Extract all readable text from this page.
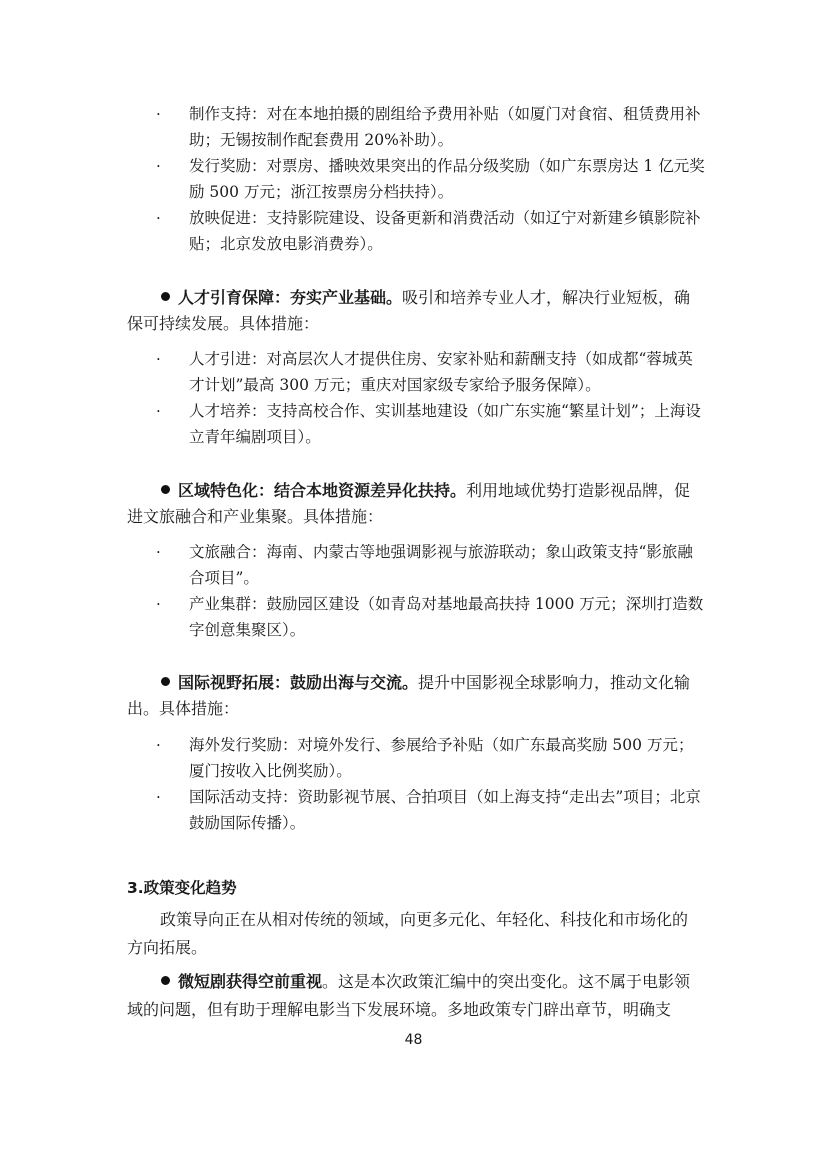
·	制作支持：对在本地拍摄的剧组给予费用补贴（如厦门对食宿、租赁费用补助；无锡按制作配套费用 20%补助）。
·	发行奖励：对票房、播映效果突出的作品分级奖励（如广东票房达 1 亿元奖励 500 万元；浙江按票房分档扶持）。
·	放映促进：支持影院建设、设备更新和消费活动（如辽宁对新建乡镇影院补贴；北京发放电影消费券）。
人才引育保障：夯实产业基础。吸引和培养专业人才，解决行业短板，确保可持续发展。具体措施：
·	人才引进：对高层次人才提供住房、安家补贴和薪酬支持（如成都“蓉城英才计划”最高 300 万元；重庆对国家级专家给予服务保障）。
·	人才培养：支持高校合作、实训基地建设（如广东实施“繁星计划”；上海设立青年编剧项目）。
区域特色化：结合本地资源差异化扶持。利用地域优势打造影视品牌，促进文旅融合和产业集聚。具体措施：
·	文旅融合：海南、内蒙古等地强调影视与旅游联动；象山政策支持“影旅融合项目”。
·	产业集群：鼓励园区建设（如青岛对基地最高扶持 1000 万元；深圳打造数字创意集聚区）。
国际视野拓展：鼓励出海与交流。提升中国影视全球影响力，推动文化输出。具体措施：
·	海外发行奖励：对境外发行、参展给予补贴（如广东最高奖励 500 万元；厦门按收入比例奖励）。
·	国际活动支持：资助影视节展、合拍项目（如上海支持“走出去”项目；北京鼓励国际传播）。
3.政策变化趋势
政策导向正在从相对传统的领域，向更多元化、年轻化、科技化和市场化的方向拓展。
微短剧获得空前重视。这是本次政策汇编中的突出变化。这不属于电影领域的问题，但有助于理解电影当下发展环境。多地政策专门辟出章节，明确支
48
